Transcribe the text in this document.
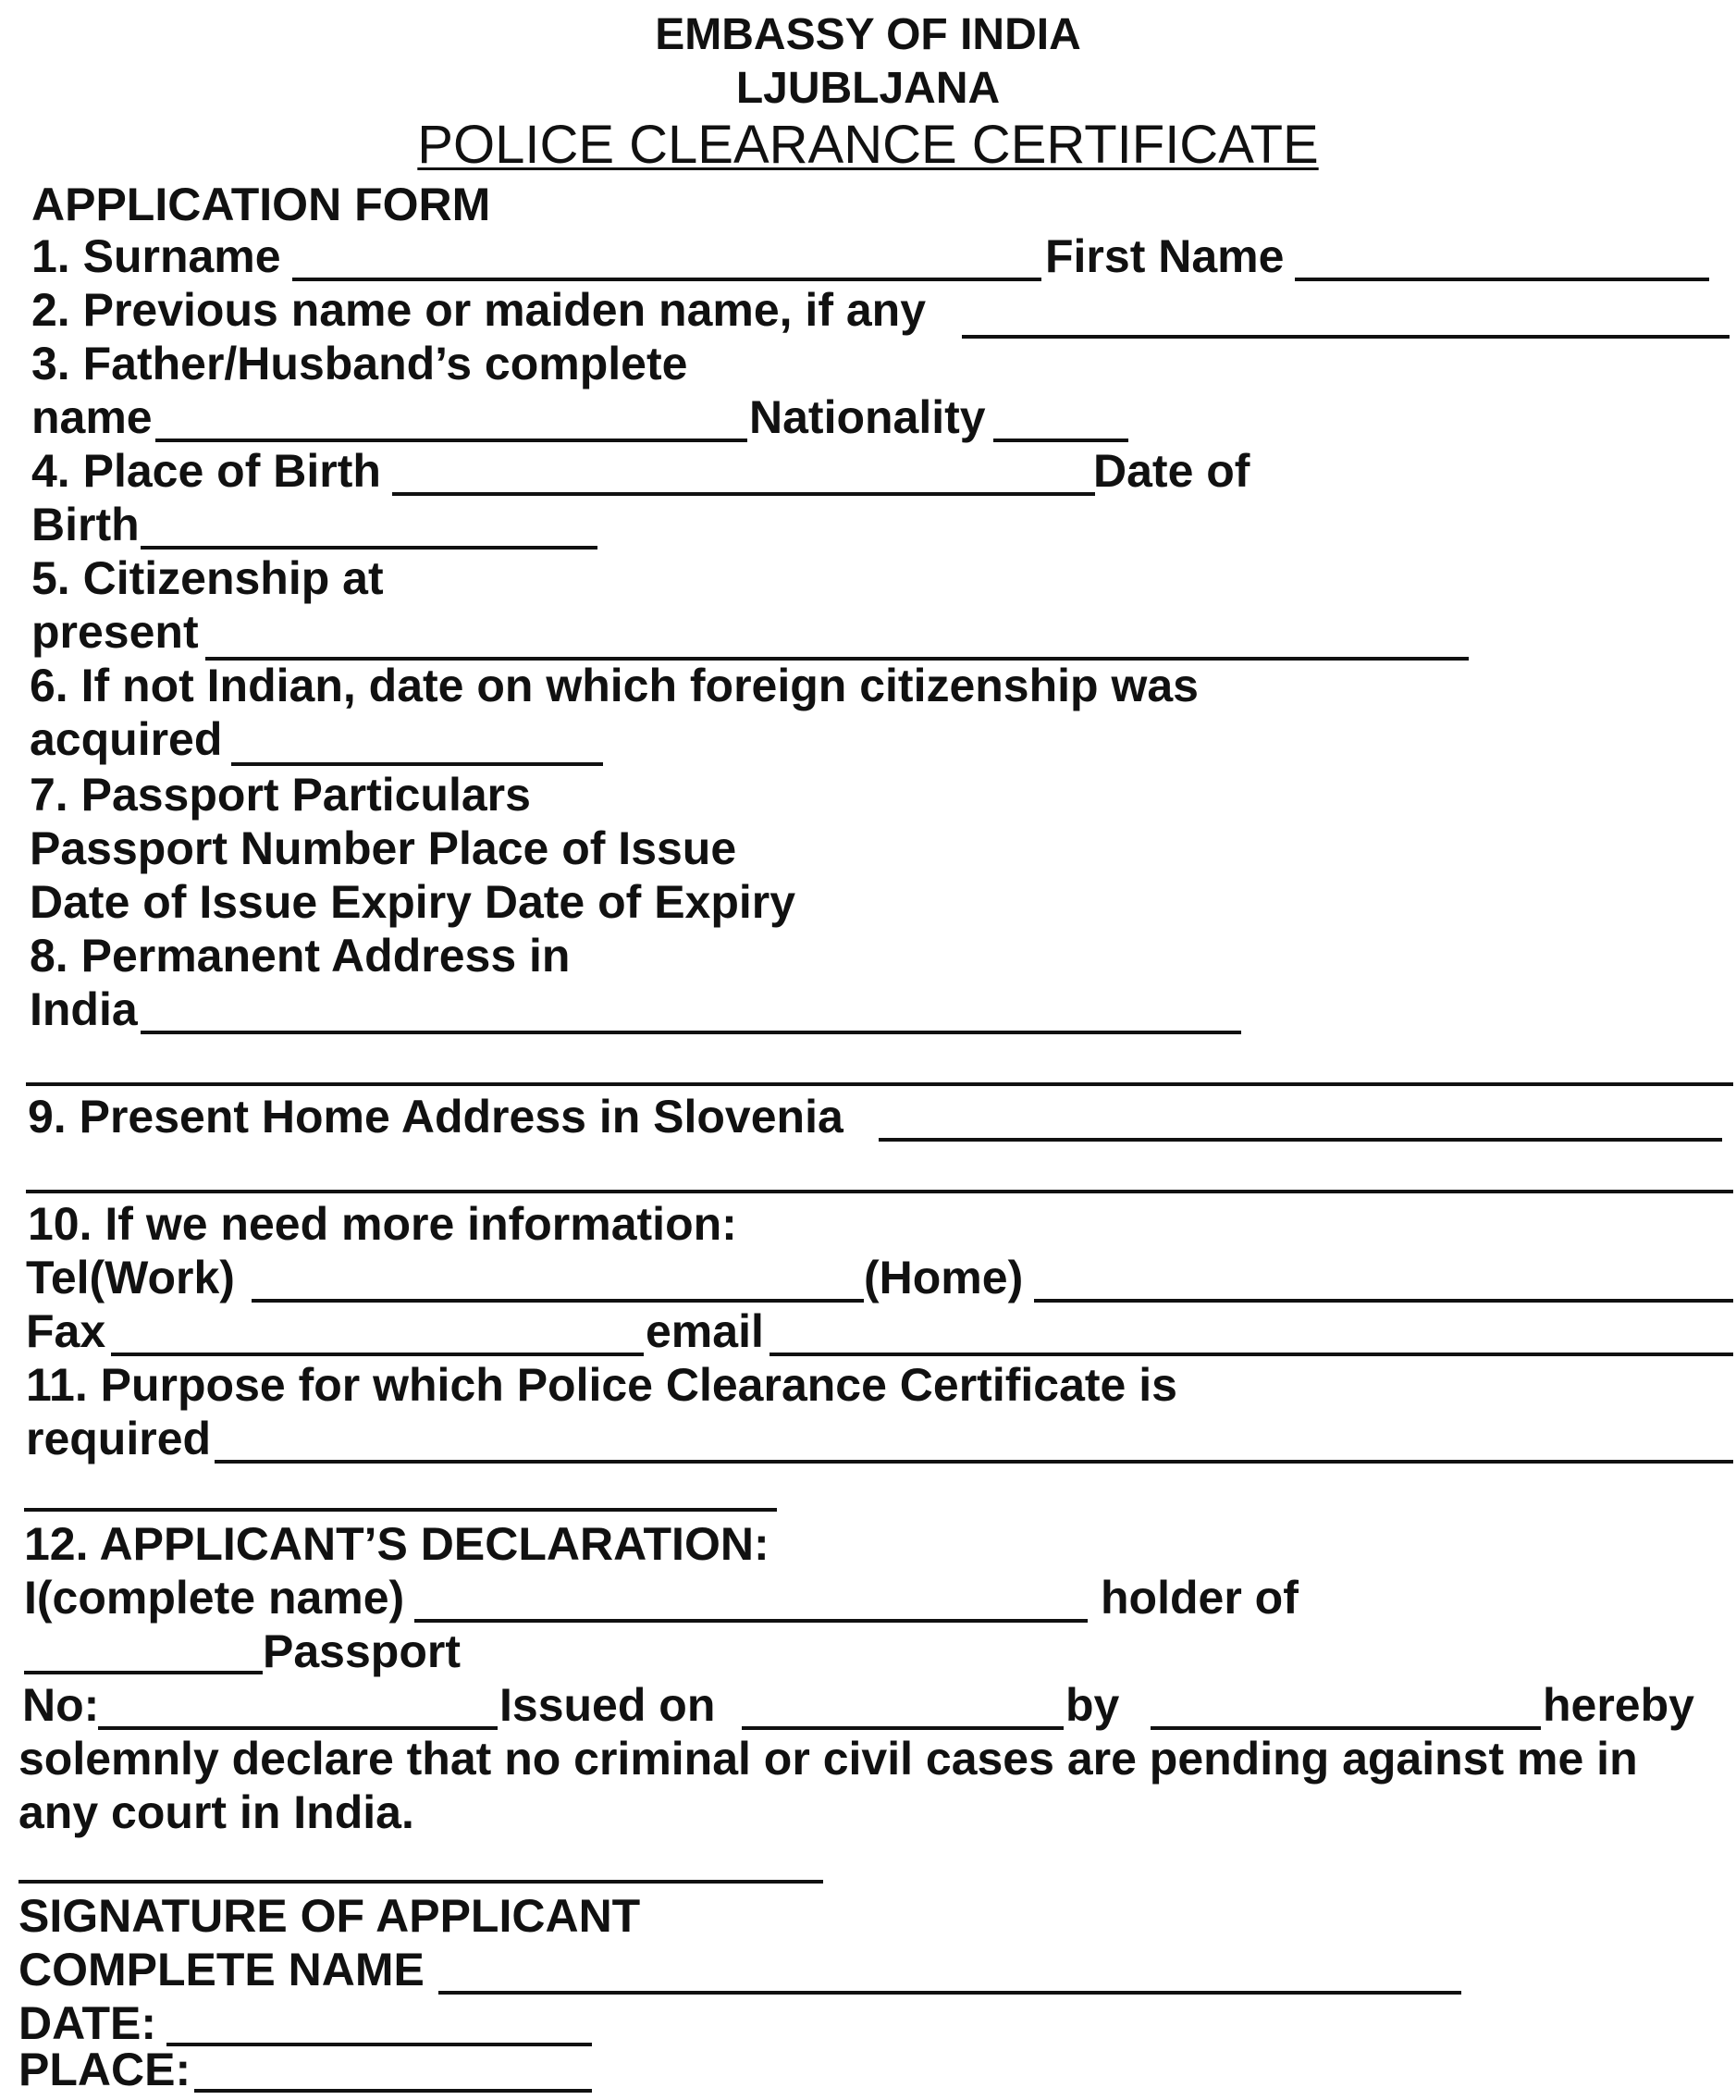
EMBASSY OF INDIA
LJUBLJANA
POLICE CLEARANCE CERTIFICATE
APPLICATION FORM
1. Surname	First Name
2. Previous name or maiden name, if any
3. Father/Husband’s complete
name	Nationality
4. Place of Birth	Date of
Birth
5. Citizenship at
present
6. If not Indian, date on which foreign citizenship was
acquired
7. Passport Particulars
Passport Number Place of Issue
Date of Issue Expiry Date of Expiry
8. Permanent Address in
India
9. Present Home Address in Slovenia
10. If we need more information:
Tel(Work)	(Home)
Fax	email
11. Purpose for which Police Clearance Certificate is
required
12. APPLICANT’S DECLARATION:
I(complete name)	holder of
Passport
No:	Issued on	by	hereby
solemnly declare that no criminal or civil cases are pending against me in
any court in India.
SIGNATURE OF APPLICANT
COMPLETE NAME
DATE:
PLACE:
